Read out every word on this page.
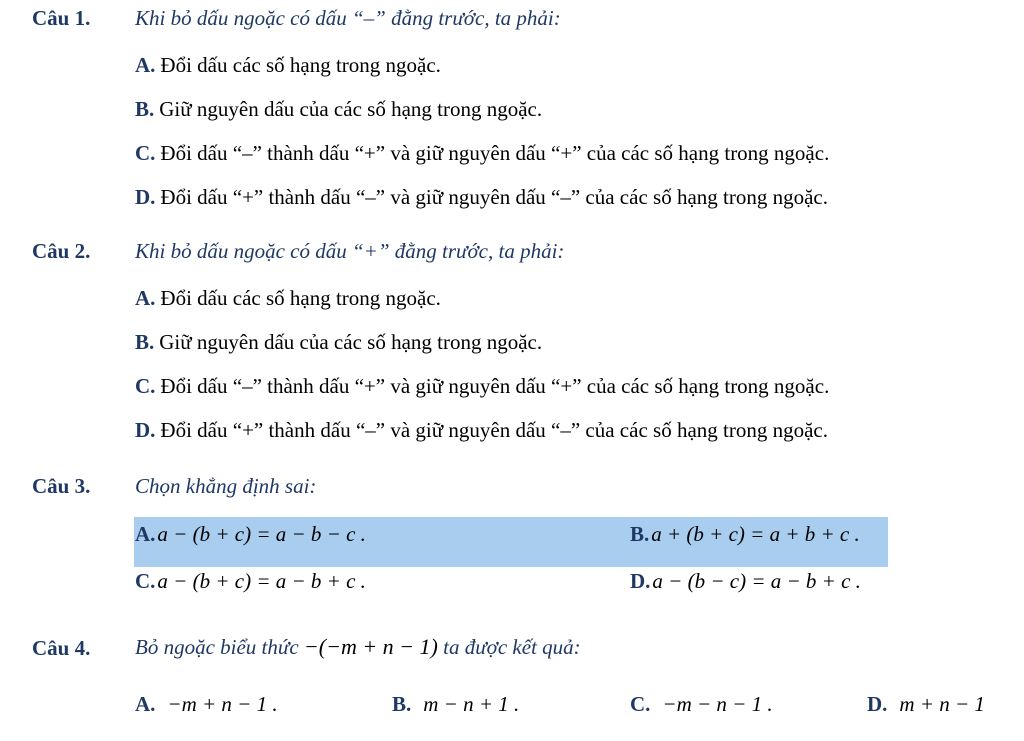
Câu 1. Khi bỏ dấu ngoặc có dấu “–” đằng trước, ta phải:
A. Đổi dấu các số hạng trong ngoặc.
B. Giữ nguyên dấu của các số hạng trong ngoặc.
C. Đổi dấu “–” thành dấu “+” và giữ nguyên dấu “+” của các số hạng trong ngoặc.
D. Đổi dấu “+” thành dấu “–” và giữ nguyên dấu “–” của các số hạng trong ngoặc.
Câu 2. Khi bỏ dấu ngoặc có dấu “+” đằng trước, ta phải:
A. Đổi dấu các số hạng trong ngoặc.
B. Giữ nguyên dấu của các số hạng trong ngoặc.
C. Đổi dấu “–” thành dấu “+” và giữ nguyên dấu “+” của các số hạng trong ngoặc.
D. Đổi dấu “+” thành dấu “–” và giữ nguyên dấu “–” của các số hạng trong ngoặc.
Câu 3. Chọn khẳng định sai:
A.a − (b + c) = a − b − c .	B.a + (b + c) = a + b + c .
C.a − (b + c) = a − b + c .	D.a − (b − c) = a − b + c .
Câu 4. Bỏ ngoặc biểu thức −(−m + n − 1) ta được kết quả:
A. −m + n − 1 .	B. m − n + 1 .	C. −m − n − 1 .	D. m + n − 1
